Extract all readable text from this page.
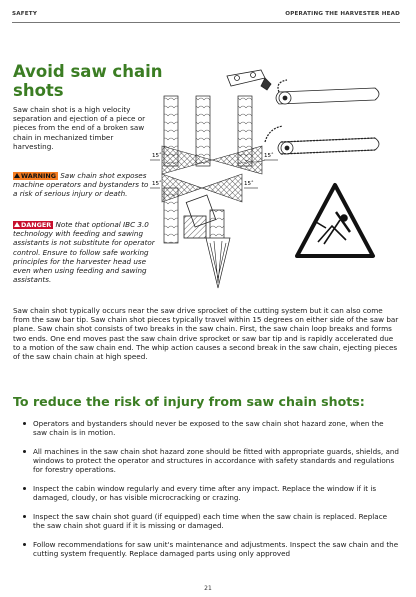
SAFETY	OPERATING THE HARVESTER HEAD
Avoid saw chain shots

Saw chain shot is a high velocity separation and ejection of a piece or pieces from the end of a broken saw chain in mechanized timber harvesting.

WARNING Saw chain shot exposes machine operators and bystanders to a risk of serious injury or death.

DANGER Note that optional IBC 3.0 technology with feeding and sawing assistants is not substitute for operator control. Ensure to follow safe working principles for the harvester head use even when using feeding and sawing assistants.

15˚	15˚
15˚	15˚

Saw chain shot typically occurs near the saw drive sprocket of the cutting system but it can also come from the saw bar tip. Saw chain shot pieces typically travel within 15 degrees on either side of the saw bar plane. Saw chain shot consists of two breaks in the saw chain. First, the saw chain loop breaks and forms two ends. One end moves past the saw chain drive sprocket or saw bar tip and is rapidly accelerated due to a motion of the saw chain end. The whip action causes a second break in the saw chain, ejecting pieces of the saw chain chain at high speed.

To reduce the risk of injury from saw chain shots:
Operators and bystanders should never be exposed to the saw chain shot hazard zone, when the saw chain is in motion.
All machines in the saw chain shot hazard zone should be fitted with appropriate guards, shields, and windows to protect the operator and structures in accordance with safety standards and regulations for forestry operations.
Inspect the cabin window regularly and every time after any impact. Replace the window if it is damaged, cloudy, or has visible microcracking or crazing.
Inspect the saw chain shot guard (if equipped) each time when the saw chain is replaced. Replace the saw chain shot guard if it is missing or damaged.
Follow recommendations for saw unit's maintenance and adjustments. Inspect the saw chain and the cutting system frequently. Replace damaged parts using only approved
21
